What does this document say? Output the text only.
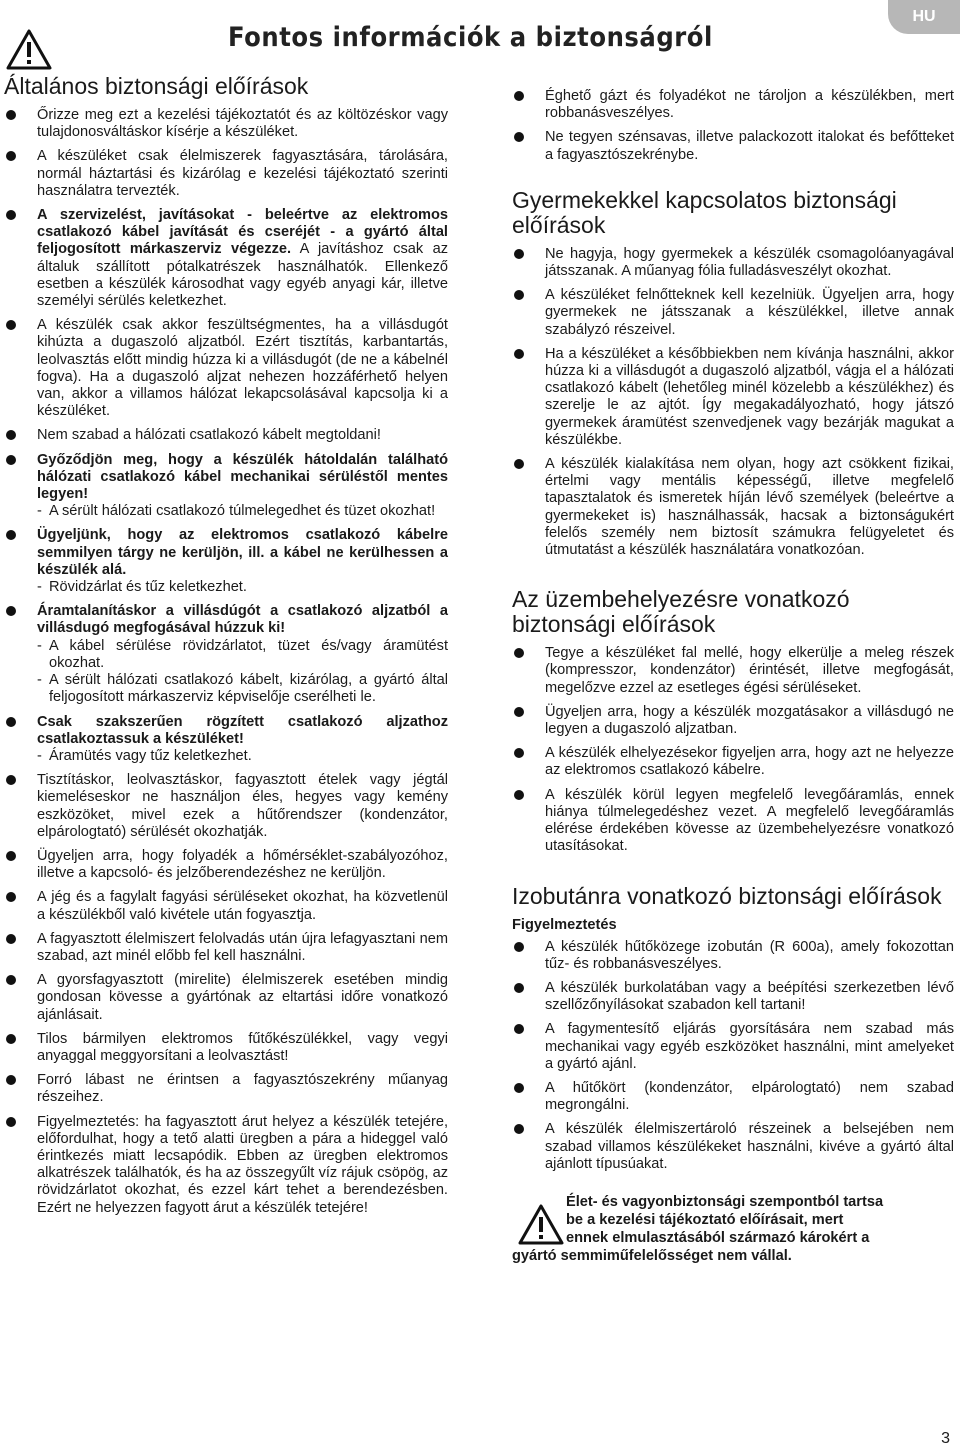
Fontos információk a biztonságról
HU
Általános biztonsági előírások
Őrizze meg ezt a kezelési tájékoztatót és az költözéskor vagy tulajdonosváltáskor kísérje a készüléket.
A készüléket csak élelmiszerek fagyasztására, tárolására, normál háztartási és kizárólag e kezelési tájékoztató szerinti használatra tervezték.
A szervizelést, javításokat - beleértve az elektromos csatlakozó kábel javítását és cseréjét - a gyártó által feljogosított márkaszerviz végezze. A javításhoz csak az általuk szállított pótalkatrészek használhatók. Ellenkező esetben a készülék károsodhat vagy egyéb anyagi kár, illetve személyi sérülés keletkezhet.
A készülék csak akkor feszültségmentes, ha a villásdugót kihúzta a dugaszoló aljzatból. Ezért tisztítás, karbantartás, leolvasztás előtt mindig húzza ki a villásdugót (de ne a kábelnél fogva). Ha a dugaszoló aljzat nehezen hozzáférhető helyen van, akkor a villamos hálózat lekapcsolásával kapcsolja ki a készüléket.
Nem szabad a hálózati csatlakozó kábelt megtoldani!
Győződjön meg, hogy a készülék hátoldalán található hálózati csatlakozó kábel mechanikai sérüléstől mentes legyen!
- A sérült hálózati csatlakozó túlmelegedhet és tüzet okozhat!
Ügyeljünk, hogy az elektromos csatlakozó kábelre semmilyen tárgy ne kerüljön, ill. a kábel ne kerülhessen a készülék alá.
- Rövidzárlat és tűz keletkezhet.
Áramtalanításkor a villásdúgót a csatlakozó aljzatból a villásdugó megfogásával húzzuk ki!
- A kábel sérülése rövidzárlatot, tüzet és/vagy áramütést okozhat.
- A sérült hálózati csatlakozó kábelt, kizárólag, a gyártó által feljogosított márkaszerviz képviselője cserélheti le.
Csak szakszerűen rögzített csatlakozó aljzathoz csatlakoztassuk a készüléket!
- Áramütés vagy tűz keletkezhet.
Tisztításkor, leolvasztáskor, fagyasztott ételek vagy jégtál kiemeléseskor ne használjon éles, hegyes vagy kemény eszközöket, mivel ezek a hűtőrendszer (kondenzátor, elpárologtató) sérülését okozhatják.
Ügyeljen arra, hogy folyadék a hőmérséklet-szabályozóhoz, illetve a kapcsoló- és jelzőberendezéshez ne kerüljön.
A jég és a fagylalt fagyási sérüléseket okozhat, ha közvetlenül a készülékből való kivétele után fogyasztja.
A fagyasztott élelmiszert felolvadás után újra lefagyasztani nem szabad, azt minél előbb fel kell használni.
A gyorsfagyasztott (mirelite) élelmiszerek esetében mindig gondosan kövesse a gyártónak az eltartási időre vonatkozó ajánlásait.
Tilos bármilyen elektromos fűtőkészülékkel, vagy vegyi anyaggal meggyorsítani a leolvasztást!
Forró lábast ne érintsen a fagyasztószekrény műanyag részeihez.
Figyelmeztetés: ha fagyasztott árut helyez a készülék tetejére, előfordulhat, hogy a tető alatti üregben a pára a hideggel való érintkezés miatt lecsapódik. Ebben az üregben elektromos alkatrészek találhatók, és ha az összegyűlt víz rájuk csöpög, az rövidzárlatot okozhat, és ezzel kárt tehet a berendezésben. Ezért ne helyezzen fagyott árut a készülék tetejére!
Éghető gázt és folyadékot ne tároljon a készülékben, mert robbanásveszélyes.
Ne tegyen szénsavas, illetve palackozott italokat és befőtteket a fagyasztószekrénybe.
Gyermekekkel kapcsolatos biztonsági előírások
Ne hagyja, hogy gyermekek a készülék csomagolóanyagával játsszanak. A műanyag fólia fulladásveszélyt okozhat.
A készüléket felnőtteknek kell kezelniük. Ügyeljen arra, hogy gyermekek ne játsszanak a készülékkel, illetve annak szabályzó részeivel.
Ha a készüléket a későbbiekben nem kívánja használni, akkor húzza ki a villásdugót a dugaszoló aljzatból, vágja el a hálózati csatlakozó kábelt (lehetőleg minél közelebb a készülékhez) és szerelje le az ajtót. Így megakadályozható, hogy játszó gyermekek áramütést szenvedjenek vagy bezárják magukat a készülékbe.
A készülék kialakítása nem olyan, hogy azt csökkent fizikai, értelmi vagy mentális képességű, illetve megfelelő tapasztalatok és ismeretek híján lévő személyek (beleértve a gyermekeket is) használhassák, hacsak a biztonságukért felelős személy nem biztosít számukra felügyeletet és útmutatást a készülék használatára vonatkozóan.
Az üzembehelyezésre vonatkozó biztonsági előírások
Tegye a készüléket fal mellé, hogy elkerülje a meleg részek (kompresszor, kondenzátor) érintését, illetve megfogását, megelőzve ezzel az esetleges égési sérüléseket.
Ügyeljen arra, hogy a készülék mozgatásakor a villásdugó ne legyen a dugaszoló aljzatban.
A készülék elhelyezésekor figyeljen arra, hogy azt ne helyezze az elektromos csatlakozó kábelre.
A készülék körül legyen megfelelő levegőáramlás, ennek hiánya túlmelegedéshez vezet. A megfelelő levegőáramlás elérése érdekében kövesse az üzembehelyezésre vonatkozó utasításokat.
Izobutánra vonatkozó biztonsági előírások
Figyelmeztetés
A készülék hűtőközege izobután (R 600a), amely fokozottan tűz- és robbanásveszélyes.
A készülék burkolatában vagy a beépítési szerkezetben lévő szellőzőnyílásokat szabadon kell tartani!
A fagymentesítő eljárás gyorsítására nem szabad más mechanikai vagy egyéb eszközöket használni, mint amelyeket a gyártó ajánl.
A hűtőkört (kondenzátor, elpárologtató) nem szabad megrongálni.
A készülék élelmiszertároló részeinek a belsejében nem szabad villamos készülékeket használni, kivéve a gyártó által ajánlott típusúakat.
Élet- és vagyonbiztonsági szempontból tartsa
be a kezelési tájékoztató előírásait, mert
ennek elmulasztásából származó károkért a
gyártó semmiműfelelősséget nem vállal.
3
